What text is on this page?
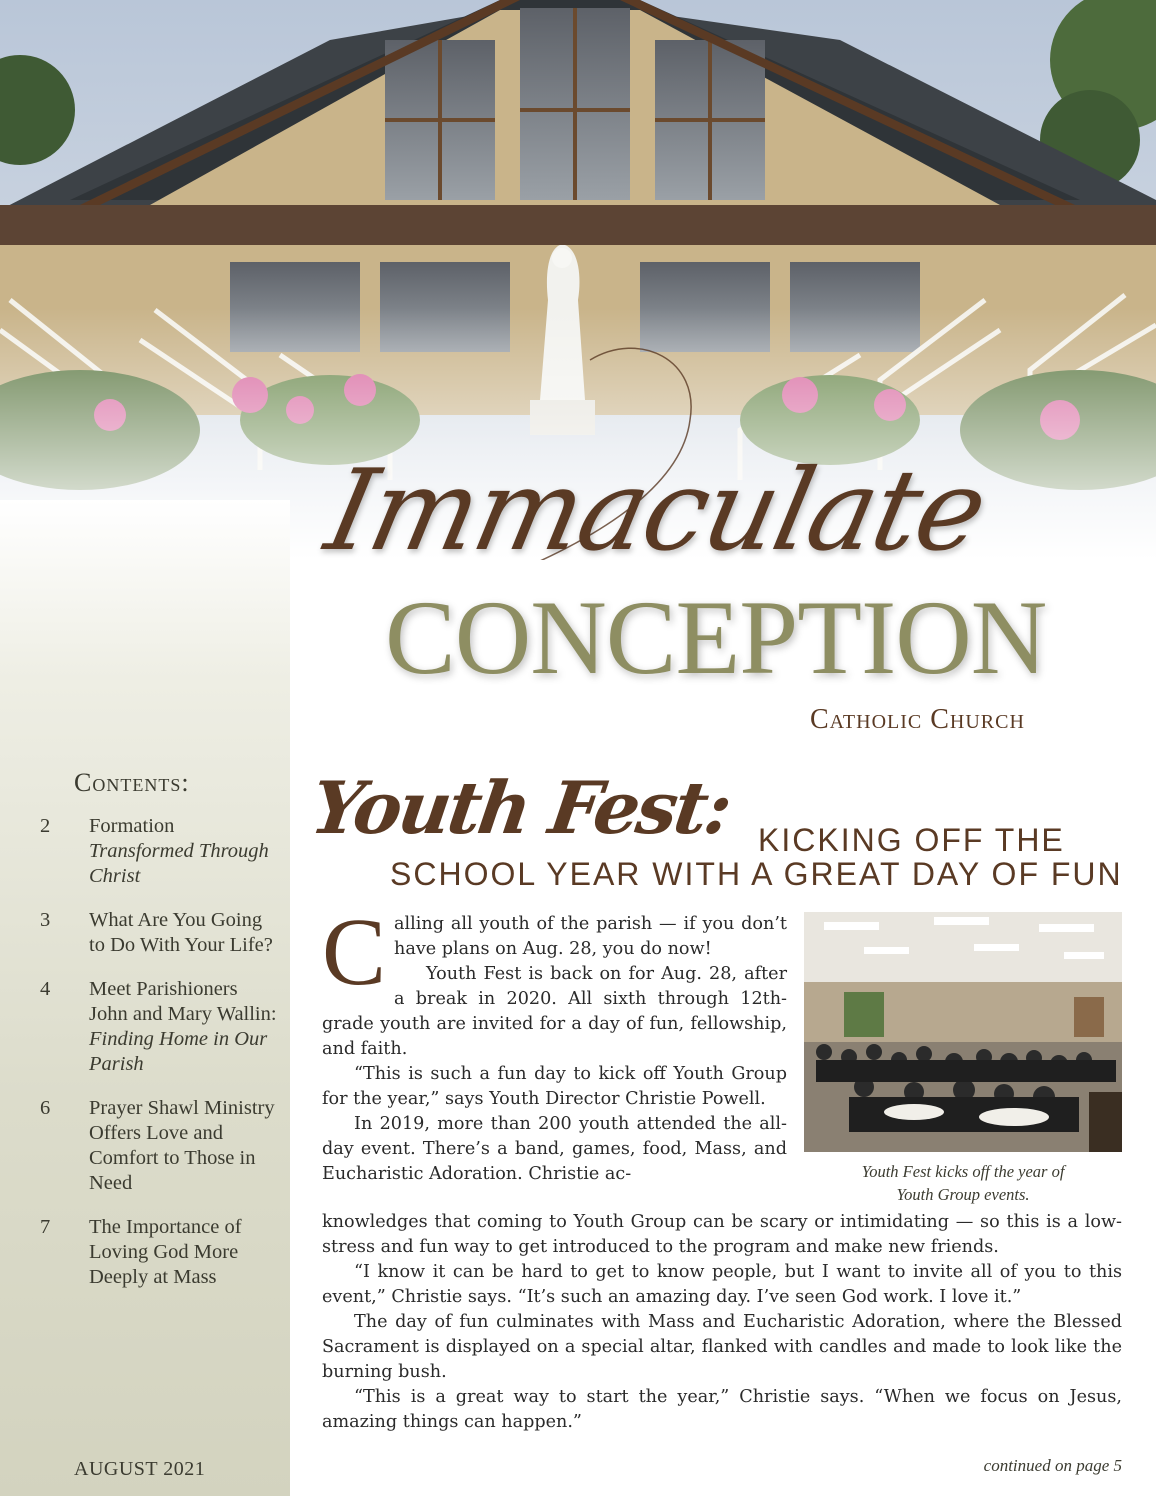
Contents:
2	Formation
Transformed Through Christ
3	What Are You Going to Do With Your Life?
4	Meet Parishioners John and Mary Wallin: Finding Home in Our Parish
6	Prayer Shawl Ministry Offers Love and Comfort to Those in Need
7	The Importance of Loving God More Deeply at Mass
AUGUST 2021
Immaculate
CONCEPTION
Catholic Church
Youth Fest: KICKING OFF THE
SCHOOL YEAR WITH A GREAT DAY OF FUN

Calling all youth of the parish — if you don’t have plans on Aug. 28, you do now!

Youth Fest is back on for Aug. 28, after a break in 2020. All sixth through 12th-grade youth are invited for a day of fun, fellowship, and faith.

“This is such a fun day to kick off Youth Group for the year,” says Youth Director Christie Powell.

In 2019, more than 200 youth attended the all-day event. There’s a band, games, food, Mass, and Eucharistic Adoration. Christie ac-	Youth Fest kicks off the year of
Youth Group events.

knowledges that coming to Youth Group can be scary or intimidating — so this is a low-stress and fun way to get introduced to the program and make new friends.

“I know it can be hard to get to know people, but I want to invite all of you to this event,” Christie says. “It’s such an amazing day. I’ve seen God work. I love it.”

The day of fun culminates with Mass and Eucharistic Adoration, where the Blessed Sacrament is displayed on a special altar, flanked with candles and made to look like the burning bush.

“This is a great way to start the year,” Christie says. “When we focus on Jesus, amazing things can happen.”

continued on page 5
